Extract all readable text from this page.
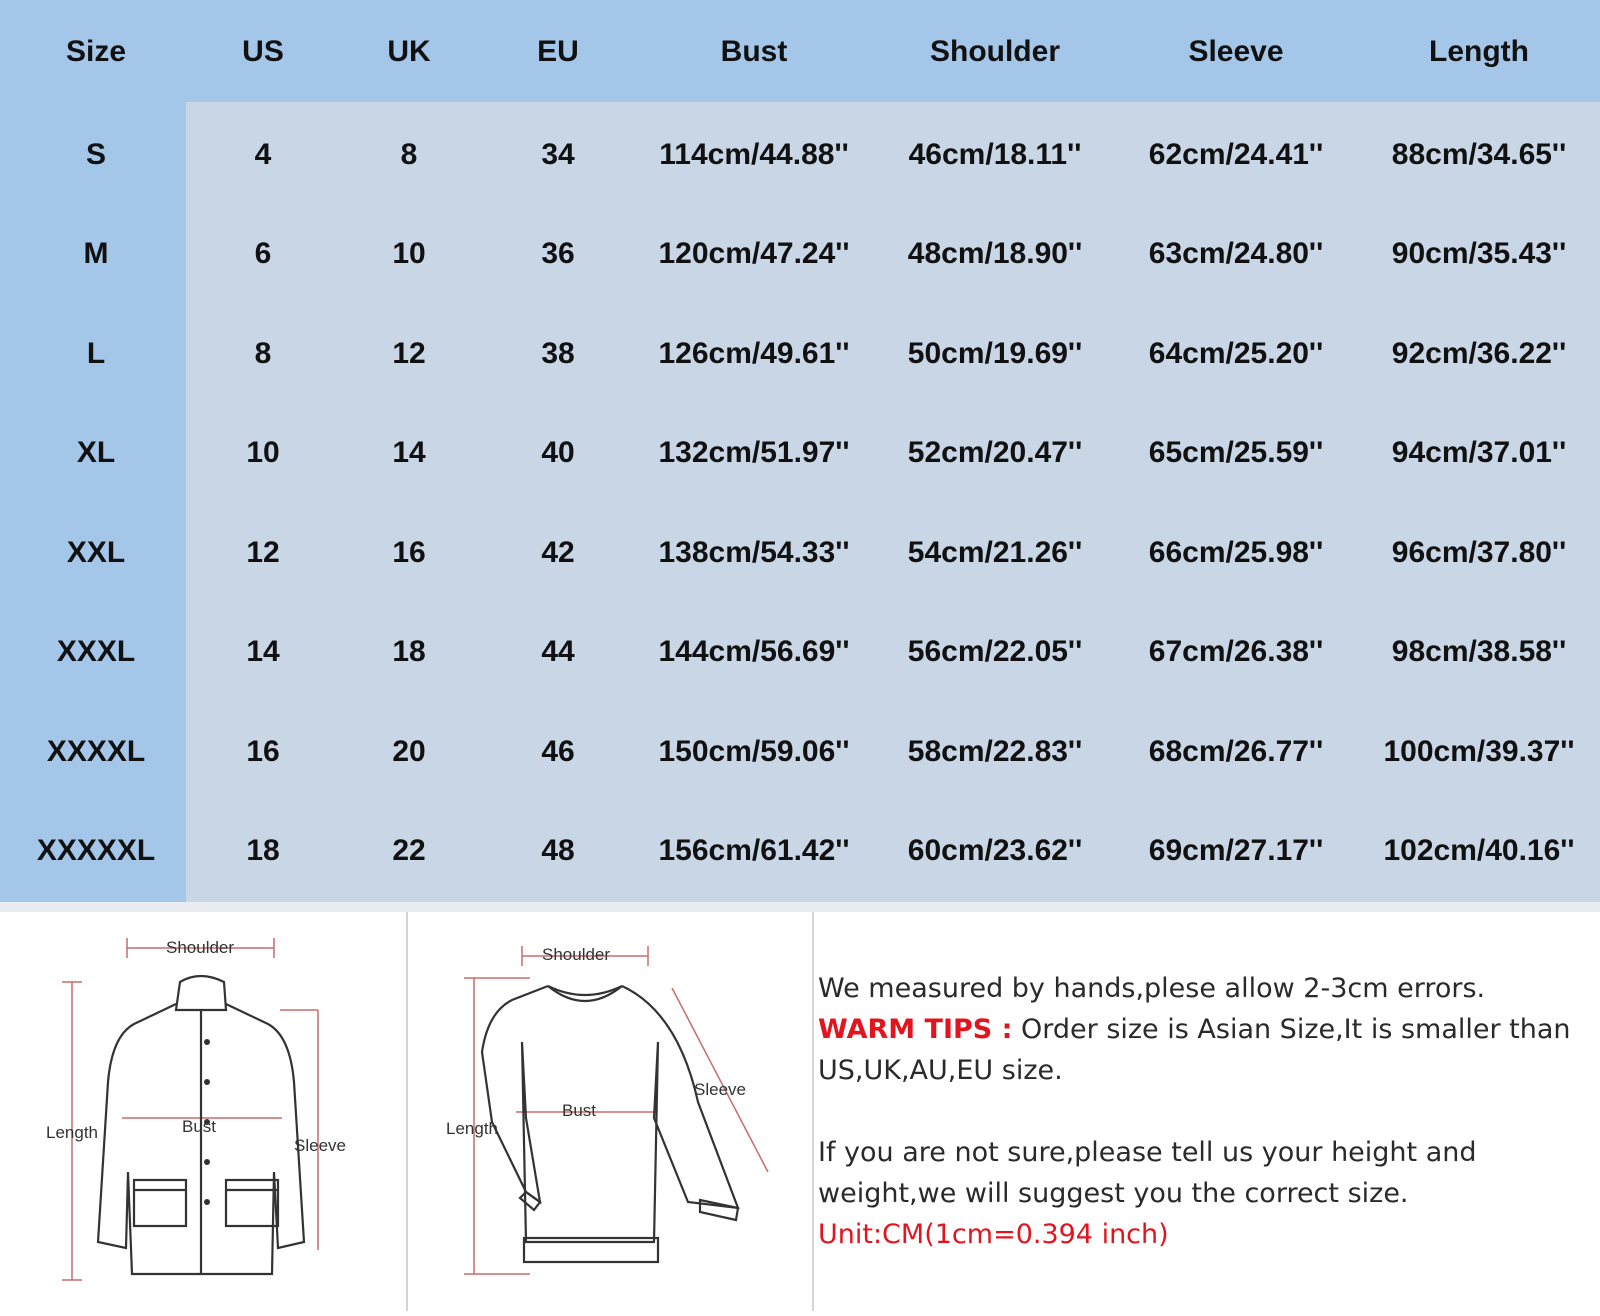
Size	US	UK	EU	Bust	Shoulder	Sleeve	Length
S	4	8	34	114cm/44.88''	46cm/18.11''	62cm/24.41''	88cm/34.65''
M	6	10	36	120cm/47.24''	48cm/18.90''	63cm/24.80''	90cm/35.43''
L	8	12	38	126cm/49.61''	50cm/19.69''	64cm/25.20''	92cm/36.22''
XL	10	14	40	132cm/51.97''	52cm/20.47''	65cm/25.59''	94cm/37.01''
XXL	12	16	42	138cm/54.33''	54cm/21.26''	66cm/25.98''	96cm/37.80''
XXXL	14	18	44	144cm/56.69''	56cm/22.05''	67cm/26.38''	98cm/38.58''
XXXXL	16	20	46	150cm/59.06''	58cm/22.83''	68cm/26.77''	100cm/39.37''
XXXXXL	18	22	48	156cm/61.42''	60cm/23.62''	69cm/27.17''	102cm/40.16''
Shoulder
Length	Bust
Sleeve
Shoulder
Length
Bust
Sleeve

We measured by hands,plese allow 2-3cm errors.

WARM TIPS : Order size is Asian Size,It is smaller than US,UK,AU,EU size.

If you are not sure,please tell us your height and weight,we will suggest you the correct size.

Unit:CM(1cm=0.394 inch)
